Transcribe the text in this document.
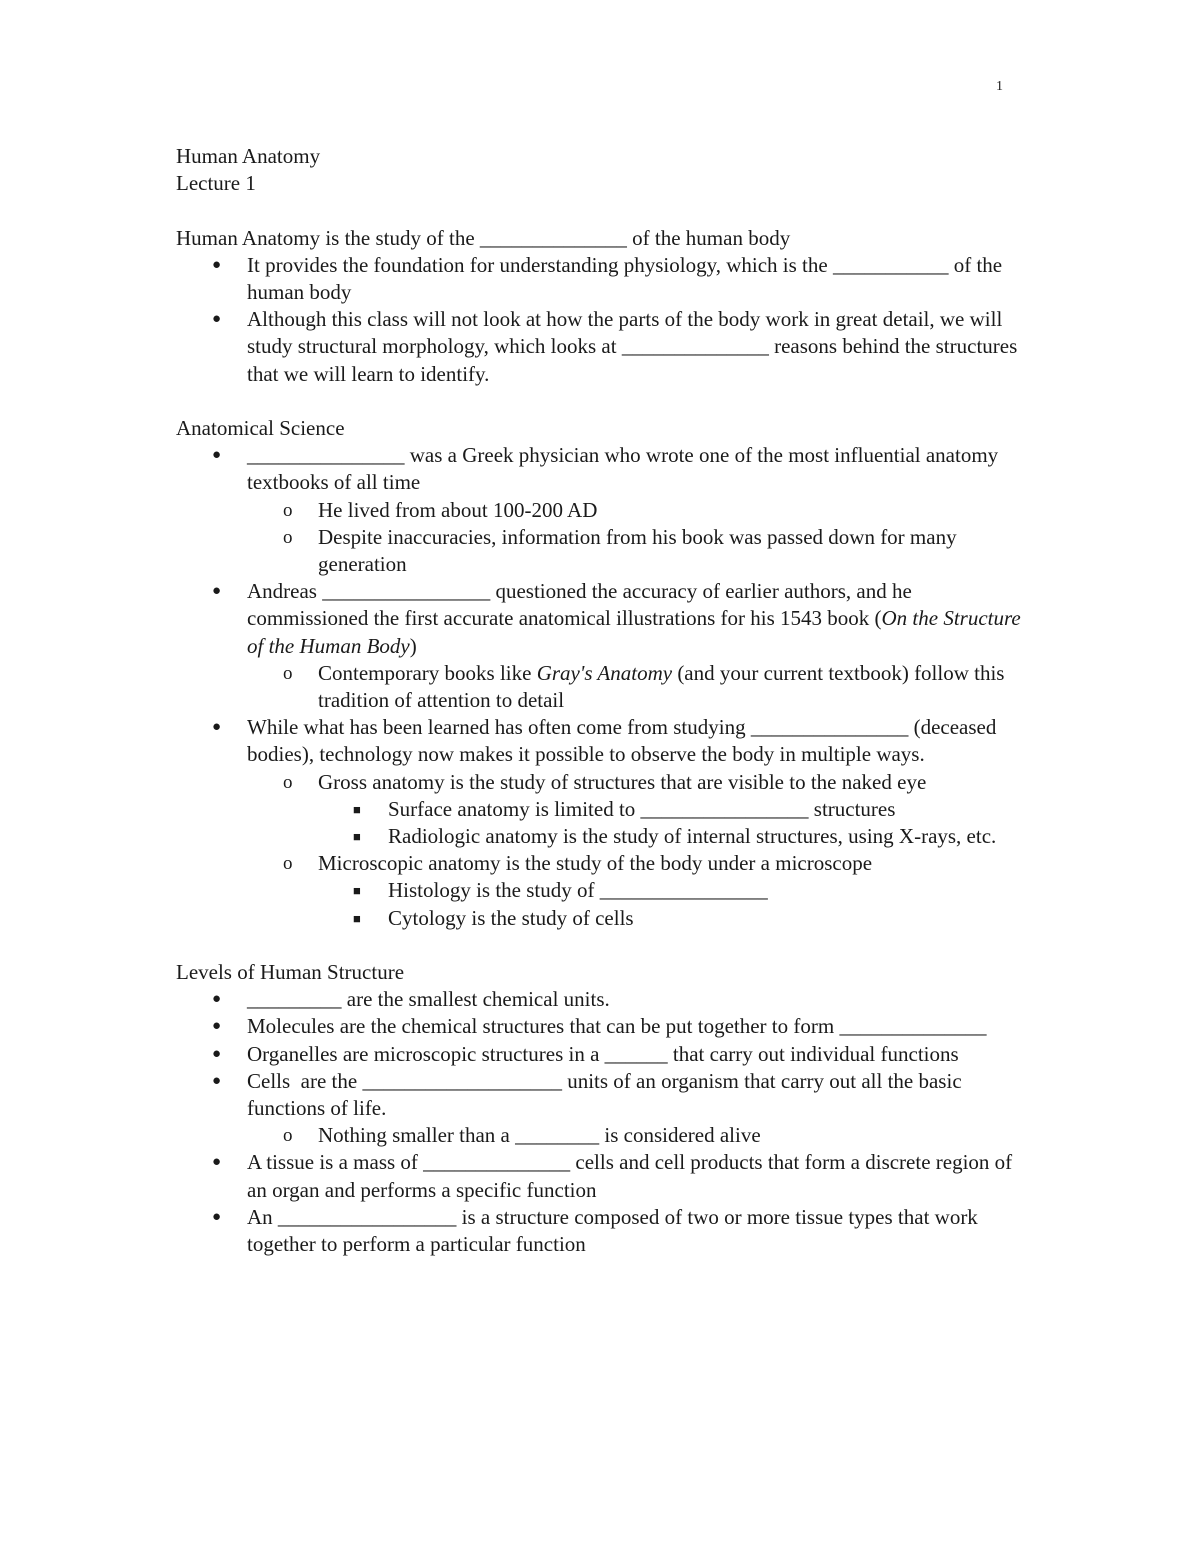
1

Human Anatomy

Lecture 1

Human Anatomy is the study of the ______________ of the human body

● It provides the foundation for understanding physiology, which is the ___________ of the human body
● Although this class will not look at how the parts of the body work in great detail, we will study structural morphology, which looks at ______________ reasons behind the structures that we will learn to identify.

Anatomical Science

● _______________ was a Greek physician who wrote one of the most influential anatomy textbooks of all time
o He lived from about 100-200 AD
o Despite inaccuracies, information from his book was passed down for many generation
● Andreas ________________ questioned the accuracy of earlier authors, and he commissioned the first accurate anatomical illustrations for his 1543 book (On the Structure of the Human Body)
o Contemporary books like Gray's Anatomy (and your current textbook) follow this tradition of attention to detail
● While what has been learned has often come from studying _______________ (deceased bodies), technology now makes it possible to observe the body in multiple ways.
o Gross anatomy is the study of structures that are visible to the naked eye
■ Surface anatomy is limited to ________________ structures
■ Radiologic anatomy is the study of internal structures, using X-rays, etc.
o Microscopic anatomy is the study of the body under a microscope
■ Histology is the study of ________________
■ Cytology is the study of cells

Levels of Human Structure

● _________ are the smallest chemical units.
● Molecules are the chemical structures that can be put together to form ______________
● Organelles are microscopic structures in a ______ that carry out individual functions
● Cells  are the ___________________ units of an organism that carry out all the basic functions of life.
o Nothing smaller than a ________ is considered alive
● A tissue is a mass of ______________ cells and cell products that form a discrete region of an organ and performs a specific function
● An _________________ is a structure composed of two or more tissue types that work together to perform a particular function
